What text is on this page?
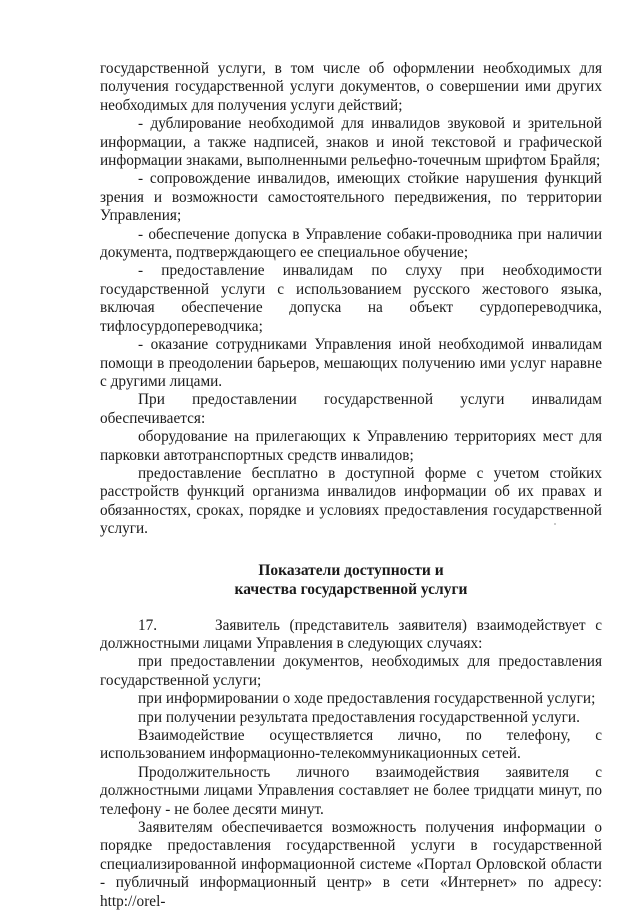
государственной услуги, в том числе об оформлении необходимых для получения государственной услуги документов, о совершении ими других необходимых для получения услуги действий;

- дублирование необходимой для инвалидов звуковой и зрительной информации, а также надписей, знаков и иной текстовой и графической информации знаками, выполненными рельефно-точечным шрифтом Брайля;

- сопровождение инвалидов, имеющих стойкие нарушения функций зрения и возможности самостоятельного передвижения, по территории Управления;

- обеспечение допуска в Управление собаки-проводника при наличии документа, подтверждающего ее специальное обучение;

- предоставление инвалидам по слуху при необходимости государственной услуги с использованием русского жестового языка, включая обеспечение допуска на объект сурдопереводчика, тифлосурдопереводчика;

- оказание сотрудниками Управления иной необходимой инвалидам помощи в преодолении барьеров, мешающих получению ими услуг наравне с другими лицами.

При предоставлении государственной услуги инвалидам обеспечивается:

оборудование на прилегающих к Управлению территориях мест для парковки автотранспортных средств инвалидов;

предоставление бесплатно в доступной форме с учетом стойких расстройств функций организма инвалидов информации об их правах и обязанностях, сроках, порядке и условиях предоставления государственной услуги.

Показатели доступности и

качества государственной услуги

17.	Заявитель (представитель заявителя) взаимодействует с должностными лицами Управления в следующих случаях:

при предоставлении документов, необходимых для предоставления государственной услуги;

при информировании о ходе предоставления государственной услуги;

при получении результата предоставления государственной услуги.

Взаимодействие осуществляется лично, по телефону, с использованием информационно-телекоммуникационных сетей.

Продолжительность личного взаимодействия заявителя с должностными лицами Управления составляет не более тридцати минут, по телефону - не более десяти минут.

Заявителям обеспечивается возможность получения информации о порядке предоставления государственной услуги в государственной специализированной информационной системе «Портал Орловской области - публичный информационный центр» в сети «Интернет» по адресу: http://orel-
